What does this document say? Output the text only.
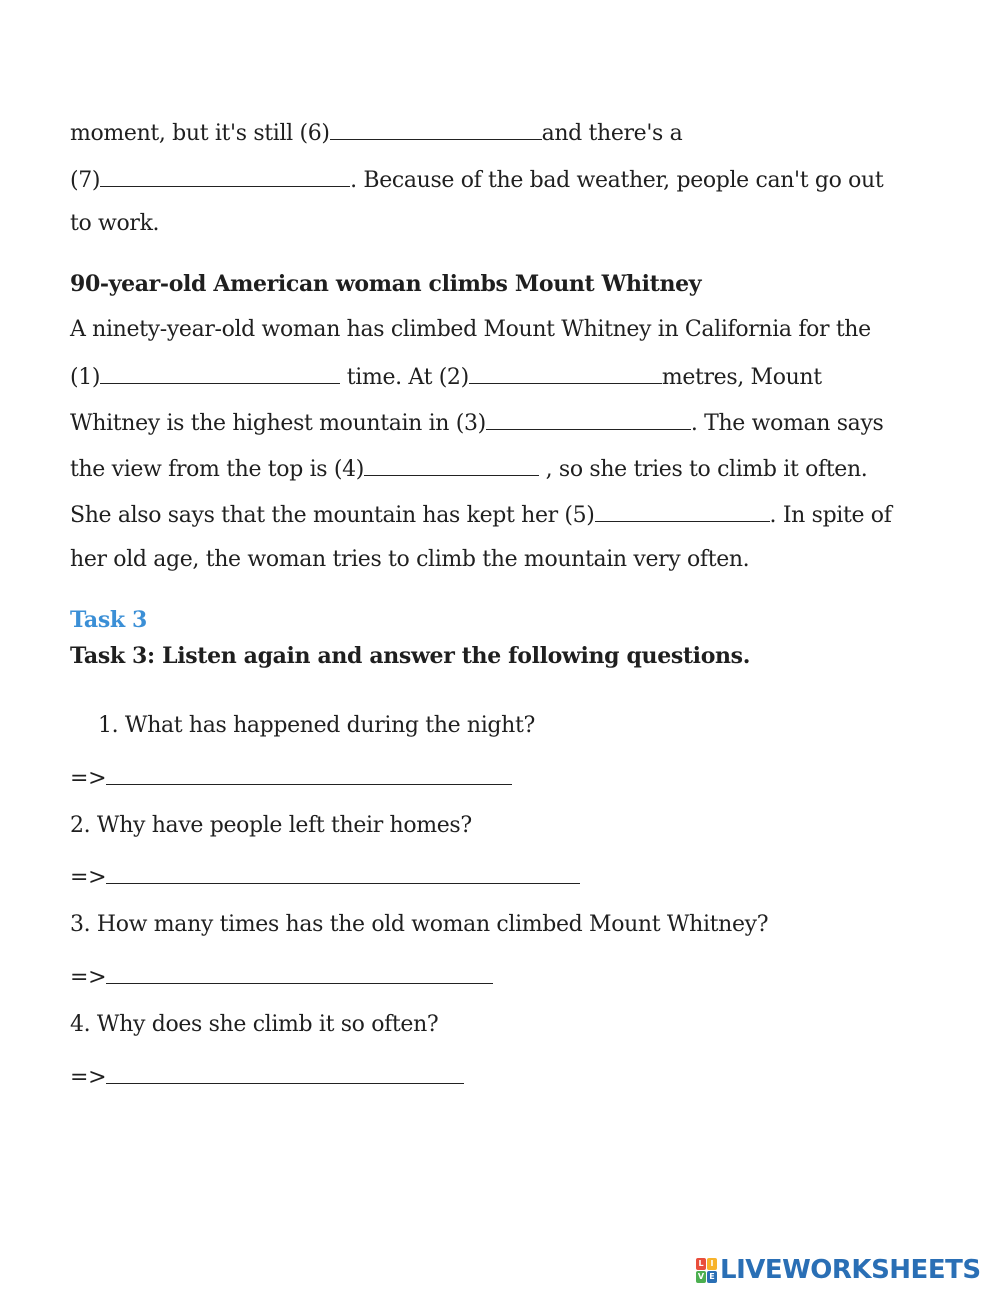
moment, but it's still (6)	and there's a
(7)	. Because of the bad weather, people can't go out
to work.
90-year-old American woman climbs Mount Whitney
A ninety-year-old woman has climbed Mount Whitney in California for the
(1)	time. At (2)	metres, Mount
Whitney is the highest mountain in (3)	. The woman says
the view from the top is (4)	, so she tries to climb it often.
She also says that the mountain has kept her (5)	. In spite of
her old age, the woman tries to climb the mountain very often.
Task 3
Task 3: Listen again and answer the following questions.
1. What has happened during the night?
=>
2. Why have people left their homes?
=>
3. How many times has the old woman climbed Mount Whitney?
=>
4. Why does she climb it so often?
=>
L I
V E LIVEWORKSHEETS
